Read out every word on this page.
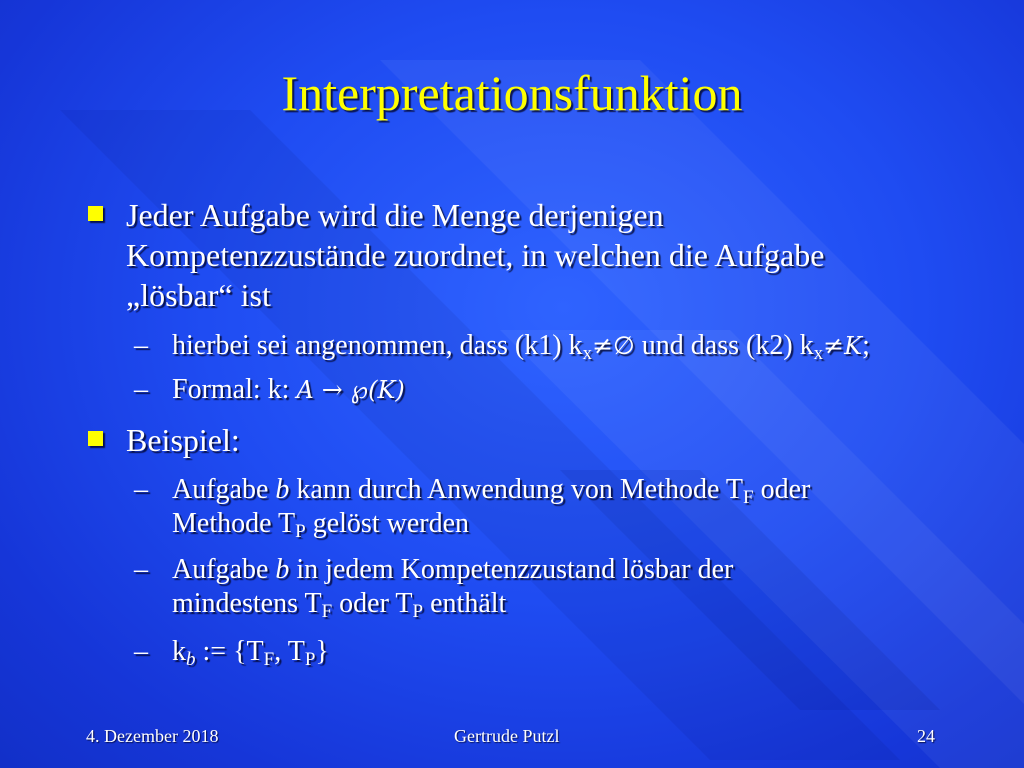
Interpretationsfunktion

Jeder Aufgabe wird die Menge derjenigen

Kompetenzzustände zuordnet, in welchen die Aufgabe

„lösbar“ ist

– hierbei sei angenommen, dass (k1) $k_x\ne\emptyset$ und dass (k2) $k_x\ne K$;

– Formal: k: A → ℘(K)

Beispiel:

– Aufgabe b kann durch Anwendung von Methode $T_F$ oder

Methode $T_P$ gelöst werden

– Aufgabe b in jedem Kompetenzzustand lösbar der

mindestens $T_F$ oder $T_P$ enthält

– $k_b$ := {$T_F$, $T_P$}

4. Dezember 2018	Gertrude Putzl	24
